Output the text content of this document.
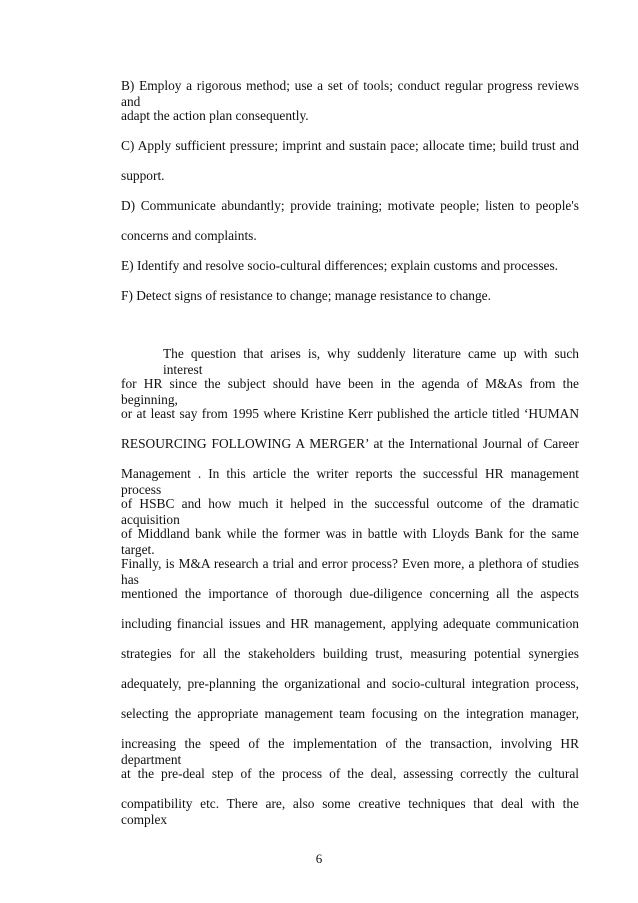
B) Employ a rigorous method; use a set of tools; conduct regular progress reviews and
adapt the action plan consequently.
C) Apply sufficient pressure; imprint and sustain pace; allocate time; build trust and
support.
D) Communicate abundantly; provide training; motivate people; listen to people's
concerns and complaints.
E) Identify and resolve socio-cultural differences; explain customs and processes.
F) Detect signs of resistance to change; manage resistance to change.
The question that arises is, why suddenly literature came up with such interest
for HR since the subject should have been in the agenda of M&As from the beginning,
or at least say from 1995 where Kristine Kerr published the article titled ‘HUMAN
RESOURCING FOLLOWING A MERGER’ at the International Journal of Career
Management . In this article the writer reports the successful HR management process
of HSBC and how much it helped in the successful outcome of the dramatic acquisition
of Middland bank while the former was in battle with Lloyds Bank for the same target.
Finally, is M&A research a trial and error process? Even more, a plethora of studies has
mentioned the importance of thorough due-diligence concerning all the aspects
including financial issues and HR management, applying adequate communication
strategies for all the stakeholders building trust, measuring potential synergies
adequately, pre-planning the organizational and socio-cultural integration process,
selecting the appropriate management team focusing on the integration manager,
increasing the speed of the implementation of the transaction, involving HR department
at the pre-deal step of the process of the deal, assessing correctly the cultural
compatibility etc. There are, also some creative techniques that deal with the complex
6
